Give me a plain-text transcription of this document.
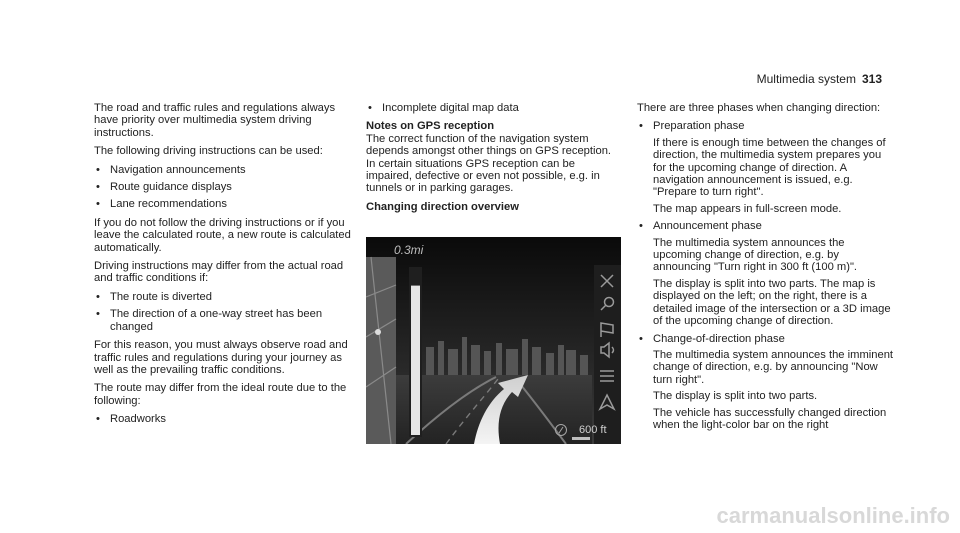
Multimedia system 313

The road and traffic rules and regulations always have priority over multimedia system driving instructions.

The following driving instructions can be used:

• Navigation announcements
• Route guidance displays
• Lane recommendations

If you do not follow the driving instructions or if you leave the calculated route, a new route is calculated automatically.

Driving instructions may differ from the actual road and traffic conditions if:

• The route is diverted
• The direction of a one-way street has been changed

For this reason, you must always observe road and traffic rules and regulations during your journey as well as the prevailing traffic conditions.

The route may differ from the ideal route due to the following:

• Roadworks
• Incomplete digital map data
Notes on GPS reception

The correct function of the navigation system depends amongst other things on GPS reception. In certain situations GPS reception can be impaired, defective or even not possible, e.g. in tunnels or in parking garages.

Changing direction overview
0.3mi
600 ft

There are three phases when changing direction:

• Preparation phase

If there is enough time between the changes of direction, the multimedia system prepares you for the upcoming change of direction. A navigation announcement is issued, e.g. "Prepare to turn right".

The map appears in full-screen mode.

• Announcement phase

The multimedia system announces the upcoming change of direction, e.g. by announcing "Turn right in 300 ft (100 m)".

The display is split into two parts. The map is displayed on the left; on the right, there is a detailed image of the intersection or a 3D image of the upcoming change of direction.

• Change-of-direction phase

The multimedia system announces the imminent change of direction, e.g. by announcing "Now turn right".

The display is split into two parts.

The vehicle has successfully changed direction when the light-color bar on the right

carmanualsonline.info
